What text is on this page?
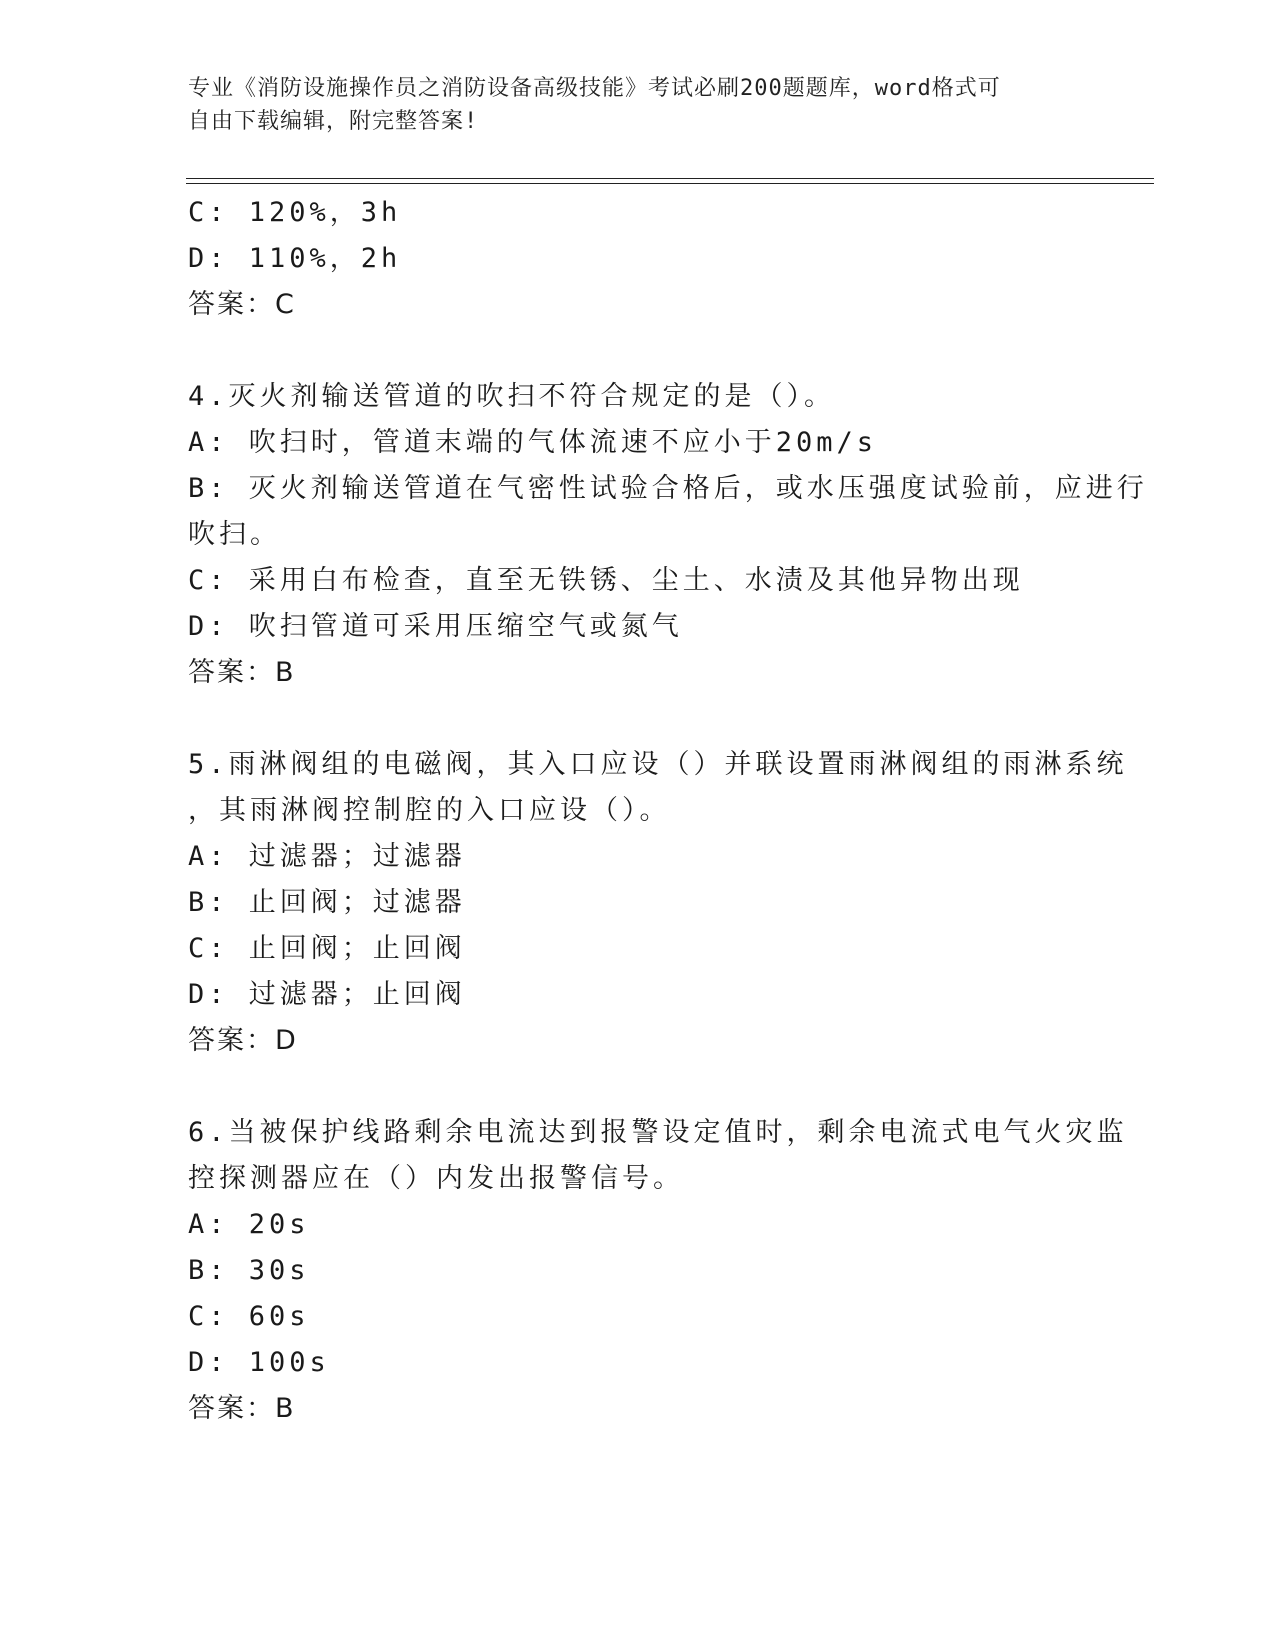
专业《消防设施操作员之消防设备高级技能》考试必刷200题题库，word格式可
自由下载编辑，附完整答案!
C: 120%，3h
D: 110%，2h
答案：C
4.灭火剂输送管道的吹扫不符合规定的是（）。
A: 吹扫时，管道末端的气体流速不应小于20m/s
B: 灭火剂输送管道在气密性试验合格后，或水压强度试验前，应进行
吹扫。
C: 采用白布检查，直至无铁锈、尘土、水渍及其他异物出现
D: 吹扫管道可采用压缩空气或氮气
答案：B
5.雨淋阀组的电磁阀，其入口应设（）并联设置雨淋阀组的雨淋系统
，其雨淋阀控制腔的入口应设（）。
A: 过滤器；过滤器
B: 止回阀；过滤器
C: 止回阀；止回阀
D: 过滤器；止回阀
答案：D
6.当被保护线路剩余电流达到报警设定值时，剩余电流式电气火灾监
控探测器应在（）内发出报警信号。
A: 20s
B: 30s
C: 60s
D: 100s
答案：B
